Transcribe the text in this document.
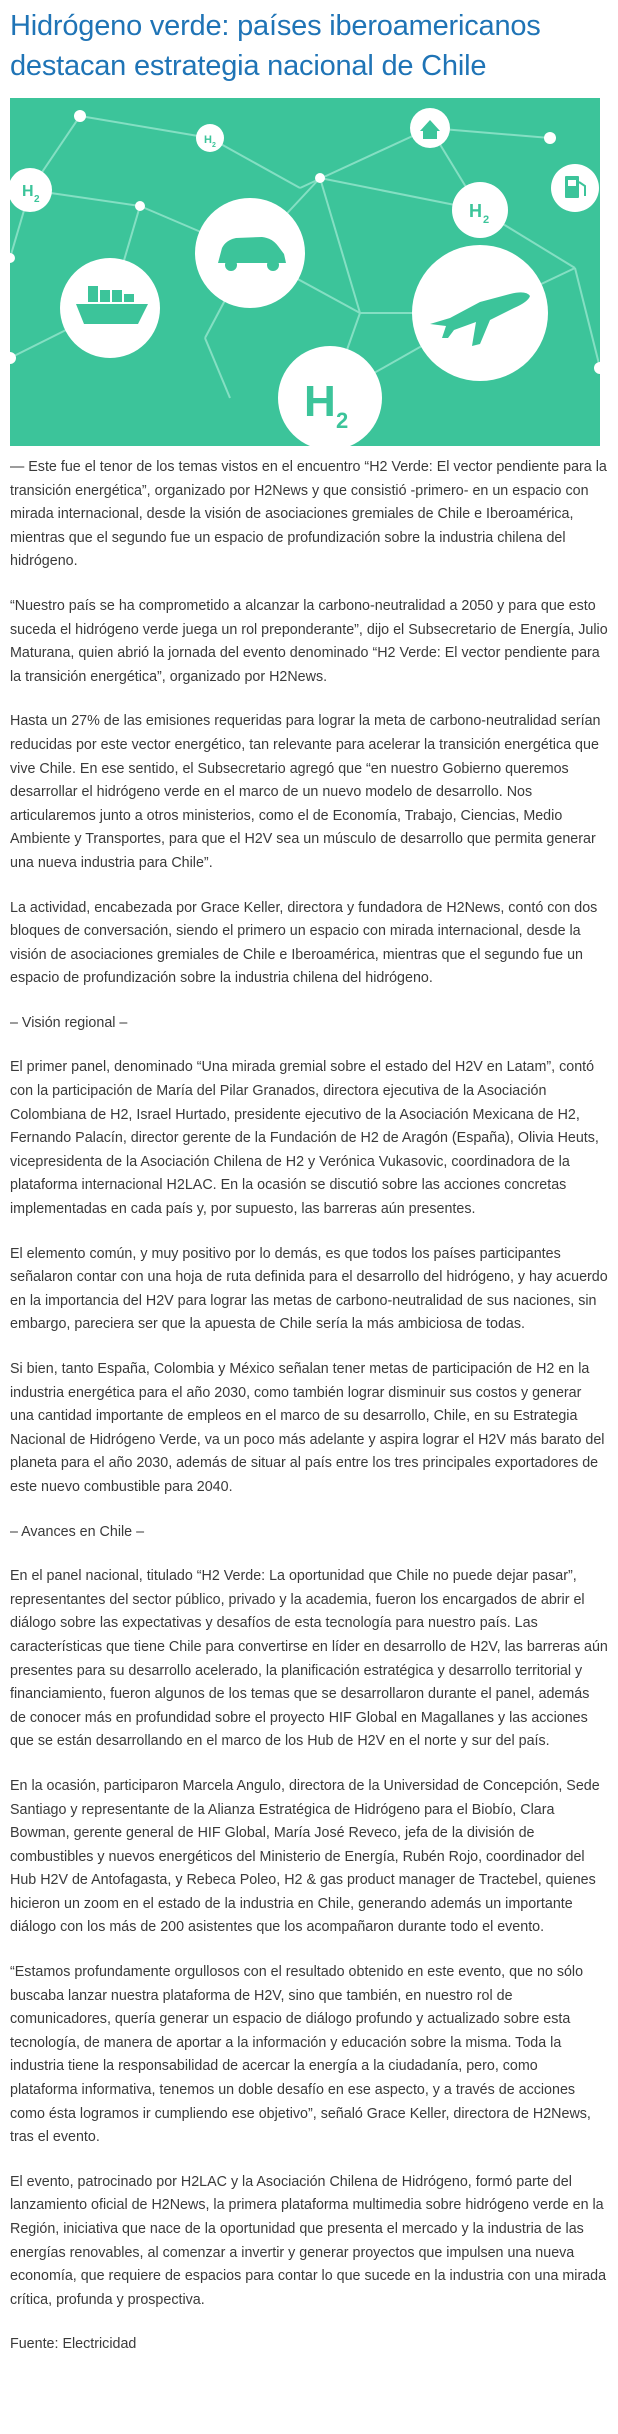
Hidrógeno verde: países iberoamericanos destacan estrategia nacional de Chile
H 2
H 2
H 2
H 2

— Este fue el tenor de los temas vistos en el encuentro “H2 Verde: El vector pendiente para la transición energética”, organizado por H2News y que consistió -primero- en un espacio con mirada internacional, desde la visión de asociaciones gremiales de Chile e Iberoamérica, mientras que el segundo fue un espacio de profundización sobre la industria chilena del hidrógeno.

“Nuestro país se ha comprometido a alcanzar la carbono-neutralidad a 2050 y para que esto suceda el hidrógeno verde juega un rol preponderante”, dijo el Subsecretario de Energía, Julio Maturana, quien abrió la jornada del evento denominado “H2 Verde: El vector pendiente para la transición energética”, organizado por H2News.

Hasta un 27% de las emisiones requeridas para lograr la meta de carbono-neutralidad serían reducidas por este vector energético, tan relevante para acelerar la transición energética que vive Chile. En ese sentido, el Subsecretario agregó que “en nuestro Gobierno queremos desarrollar el hidrógeno verde en el marco de un nuevo modelo de desarrollo. Nos articularemos junto a otros ministerios, como el de Economía, Trabajo, Ciencias, Medio Ambiente y Transportes, para que el H2V sea un músculo de desarrollo que permita generar una nueva industria para Chile”.

La actividad, encabezada por Grace Keller, directora y fundadora de H2News, contó con dos bloques de conversación, siendo el primero un espacio con mirada internacional, desde la visión de asociaciones gremiales de Chile e Iberoamérica, mientras que el segundo fue un espacio de profundización sobre la industria chilena del hidrógeno.

– Visión regional –

El primer panel, denominado “Una mirada gremial sobre el estado del H2V en Latam”, contó con la participación de María del Pilar Granados, directora ejecutiva de la Asociación Colombiana de H2, Israel Hurtado, presidente ejecutivo de la Asociación Mexicana de H2, Fernando Palacín, director gerente de la Fundación de H2 de Aragón (España), Olivia Heuts, vicepresidenta de la Asociación Chilena de H2 y Verónica Vukasovic, coordinadora de la plataforma internacional H2LAC. En la ocasión se discutió sobre las acciones concretas implementadas en cada país y, por supuesto, las barreras aún presentes.

El elemento común, y muy positivo por lo demás, es que todos los países participantes señalaron contar con una hoja de ruta definida para el desarrollo del hidrógeno, y hay acuerdo en la importancia del H2V para lograr las metas de carbono-neutralidad de sus naciones, sin embargo, pareciera ser que la apuesta de Chile sería la más ambiciosa de todas.

Si bien, tanto España, Colombia y México señalan tener metas de participación de H2 en la industria energética para el año 2030, como también lograr disminuir sus costos y generar una cantidad importante de empleos en el marco de su desarrollo, Chile, en su Estrategia Nacional de Hidrógeno Verde, va un poco más adelante y aspira lograr el H2V más barato del planeta para el año 2030, además de situar al país entre los tres principales exportadores de este nuevo combustible para 2040.

– Avances en Chile –

En el panel nacional, titulado “H2 Verde: La oportunidad que Chile no puede dejar pasar”, representantes del sector público, privado y la academia, fueron los encargados de abrir el diálogo sobre las expectativas y desafíos de esta tecnología para nuestro país. Las características que tiene Chile para convertirse en líder en desarrollo de H2V, las barreras aún presentes para su desarrollo acelerado, la planificación estratégica y desarrollo territorial y financiamiento, fueron algunos de los temas que se desarrollaron durante el panel, además de conocer más en profundidad sobre el proyecto HIF Global en Magallanes y las acciones que se están desarrollando en el marco de los Hub de H2V en el norte y sur del país.

En la ocasión, participaron Marcela Angulo, directora de la Universidad de Concepción, Sede Santiago y representante de la Alianza Estratégica de Hidrógeno para el Biobío, Clara Bowman, gerente general de HIF Global, María José Reveco, jefa de la división de combustibles y nuevos energéticos del Ministerio de Energía, Rubén Rojo, coordinador del Hub H2V de Antofagasta, y Rebeca Poleo, H2 & gas product manager de Tractebel, quienes hicieron un zoom en el estado de la industria en Chile, generando además un importante diálogo con los más de 200 asistentes que los acompañaron durante todo el evento.

“Estamos profundamente orgullosos con el resultado obtenido en este evento, que no sólo buscaba lanzar nuestra plataforma de H2V, sino que también, en nuestro rol de comunicadores, quería generar un espacio de diálogo profundo y actualizado sobre esta tecnología, de manera de aportar a la información y educación sobre la misma. Toda la industria tiene la responsabilidad de acercar la energía a la ciudadanía, pero, como plataforma informativa, tenemos un doble desafío en ese aspecto, y a través de acciones como ésta logramos ir cumpliendo ese objetivo”, señaló Grace Keller, directora de H2News, tras el evento.

El evento, patrocinado por H2LAC y la Asociación Chilena de Hidrógeno, formó parte del lanzamiento oficial de H2News, la primera plataforma multimedia sobre hidrógeno verde en la Región, iniciativa que nace de la oportunidad que presenta el mercado y la industria de las energías renovables, al comenzar a invertir y generar proyectos que impulsen una nueva economía, que requiere de espacios para contar lo que sucede en la industria con una mirada crítica, profunda y prospectiva.

Fuente: Electricidad
